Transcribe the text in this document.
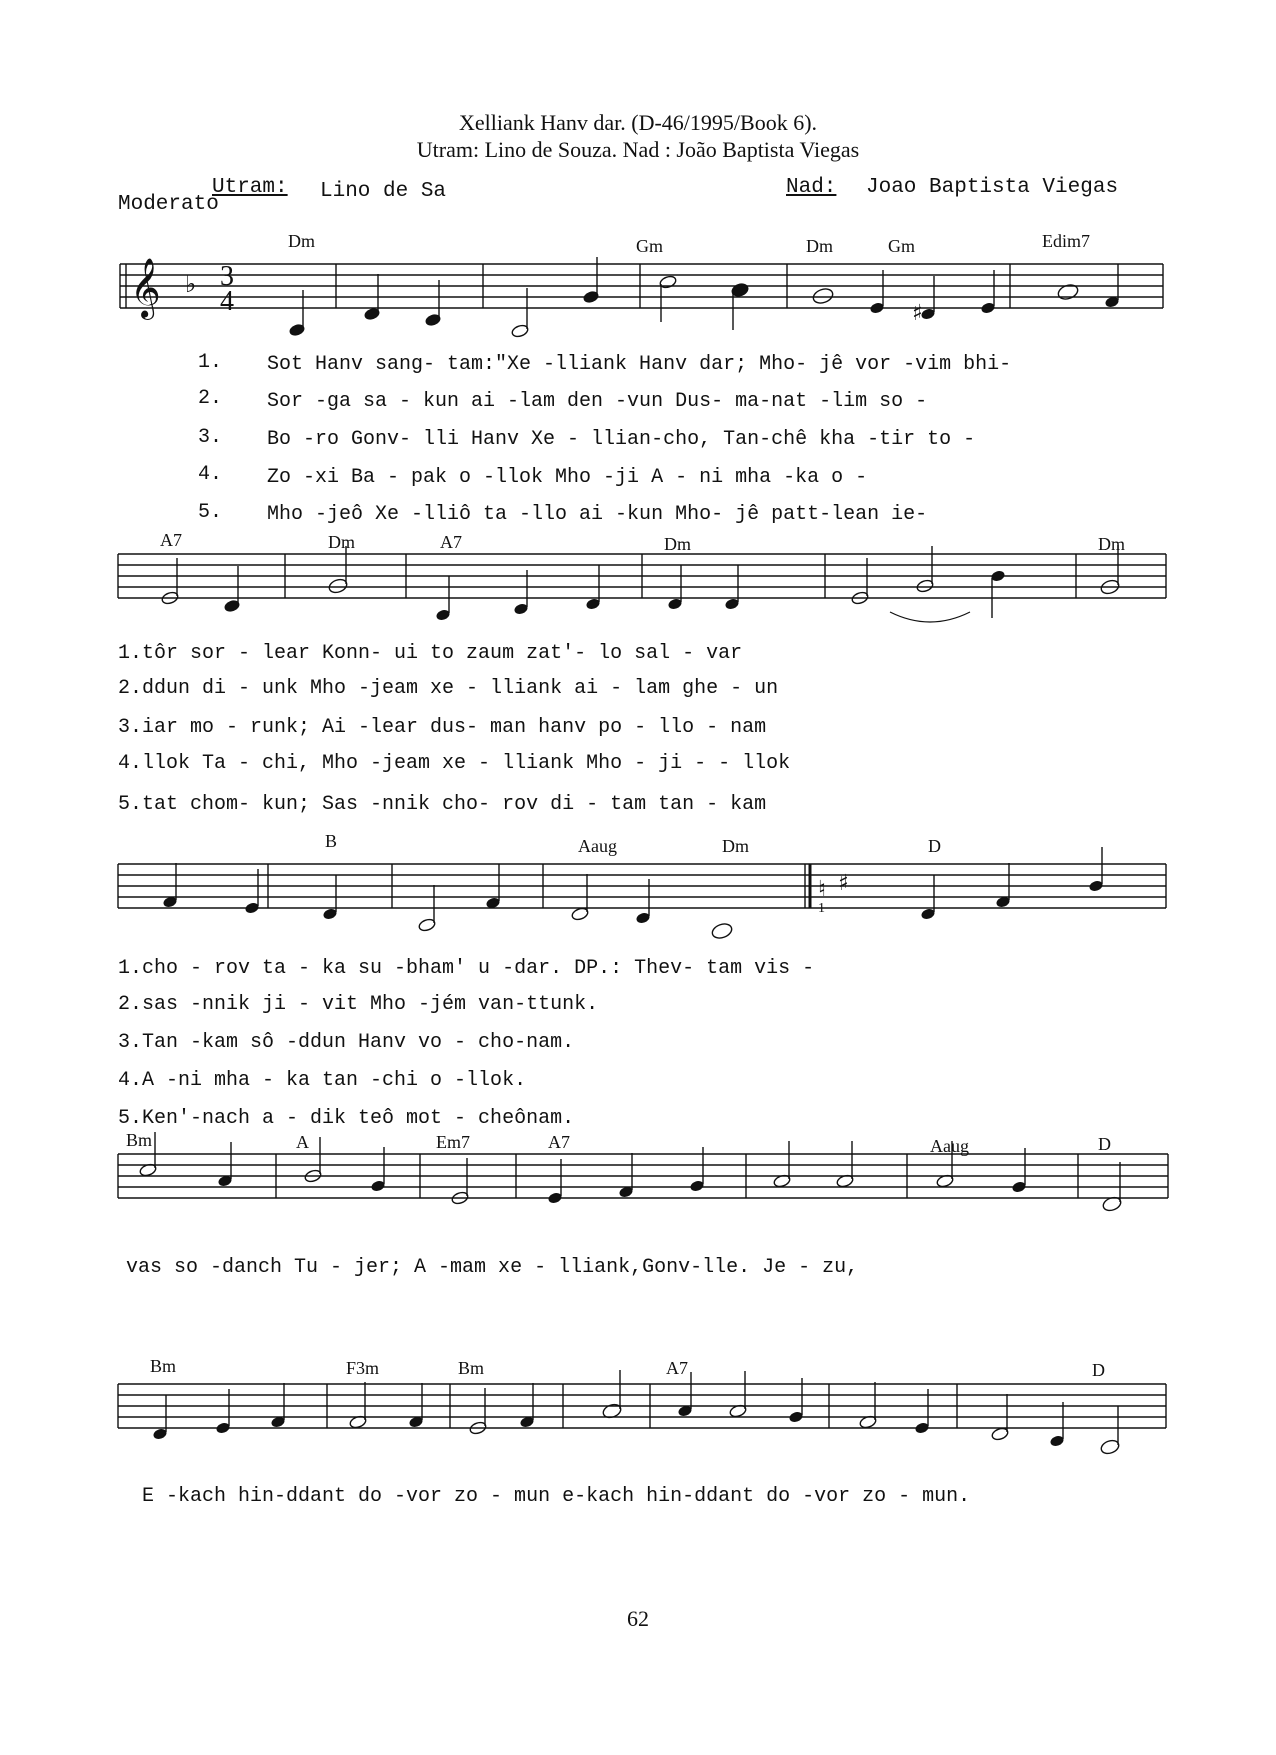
Xelliank Hanv dar. (D-46/1995/Book 6).
Utram: Lino de Souza. Nad : João Baptista Viegas
Utram: Lino de Sa	Nad: Joao Baptista Viegas
Moderato
Dm	Gm	Dm	Gm	Edim7
𝄞 ♭ 3
4	♯
1.
2.
3.
4.
5.
Sot Hanv sang- tam:"Xe -lliank Hanv dar; Mho- jê vor -vim bhi-
Sor -ga sa - kun ai -lam den -vun Dus- ma-nat -lim so -
Bo -ro Gonv- lli Hanv Xe - llian-cho, Tan-chê kha -tir to -
Zo -xi Ba - pak o -llok Mho -ji A - ni mha -ka o -
Mho -jeô Xe -lliô ta -llo ai -kun Mho- jê patt-lean ie-
A7	Dm	A7	Dm	Dm
1.tôr sor - lear Konn- ui to zaum zat'- lo sal - var
2.ddun di - unk Mho -jeam xe - lliank ai - lam ghe - un
3.iar mo - runk; Ai -lear dus- man hanv po - llo - nam
4.llok Ta - chi, Mho -jeam xe - lliank Mho - ji - - llok
5.tat chom- kun; Sas -nnik cho- rov di - tam tan - kam
B	Aaug	Dm	D
♮ ♯
1
1.cho - rov ta - ka su -bham' u -dar. DP.: Thev- tam vis -
2.sas -nnik ji - vit Mho -jém van-ttunk.
3.Tan -kam sô -ddun Hanv vo - cho-nam.
4.A -ni mha - ka tan -chi o -llok.
5.Ken'-nach a - dik teô mot - cheônam.
Bm	A	Em7	A7	Aaug	D
vas so -danch Tu - jer; A -mam xe - lliank,Gonv-lle. Je - zu,
Bm	F3m	Bm	A7	D
E -kach hin-ddant do -vor zo - mun e-kach hin-ddant do -vor zo - mun.
62
